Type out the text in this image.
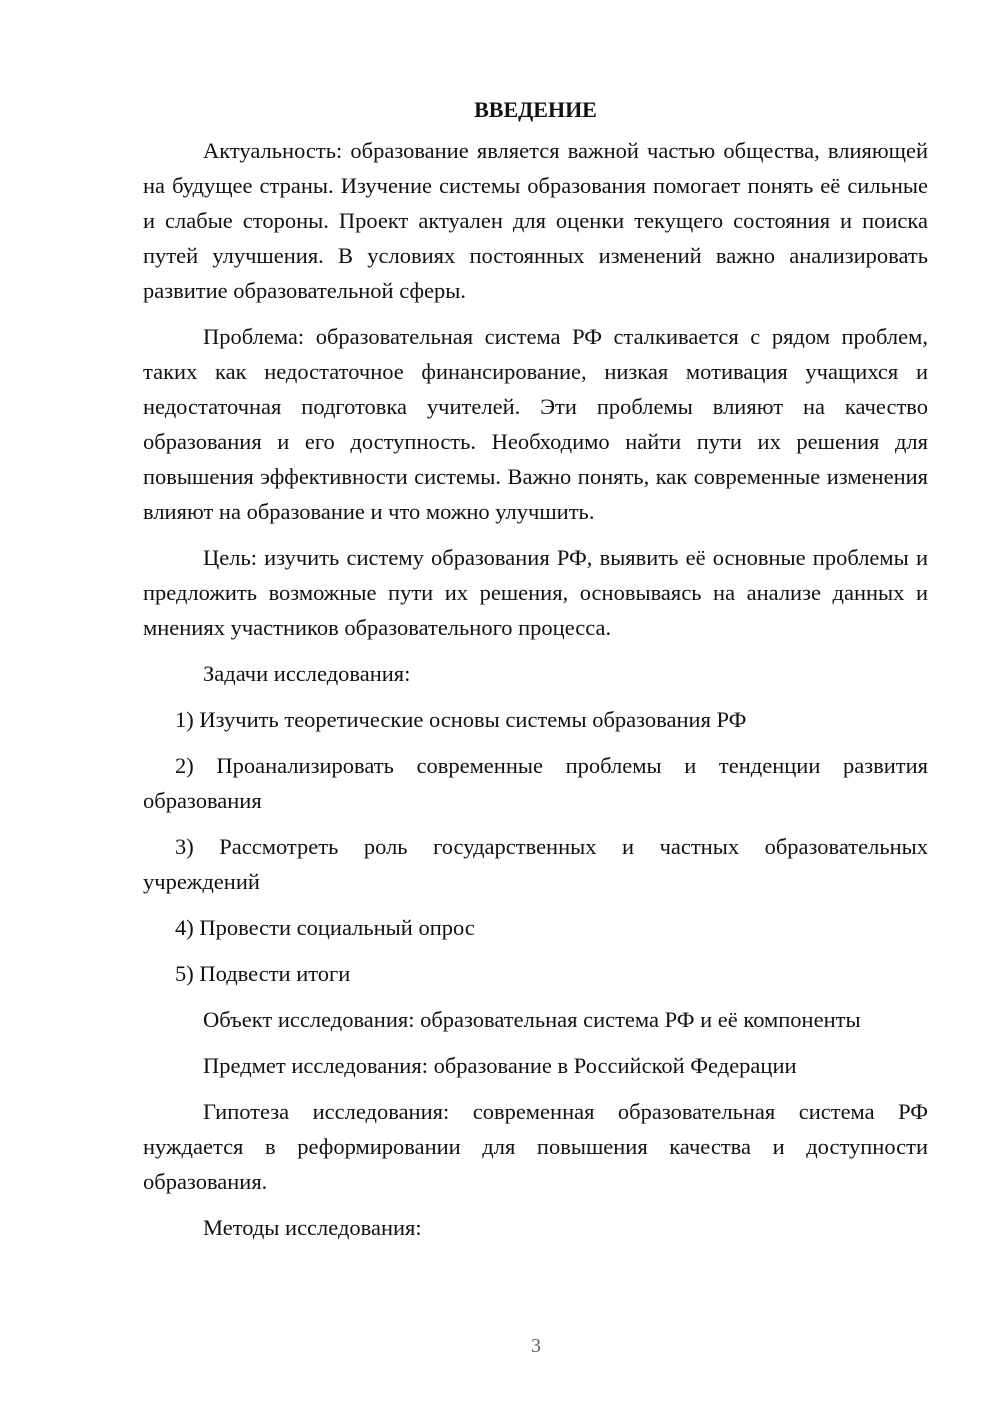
ВВЕДЕНИЕ

Актуальность: образование является важной частью общества, влияющей на будущее страны. Изучение системы образования помогает понять её сильные и слабые стороны. Проект актуален для оценки текущего состояния и поиска путей улучшения. В условиях постоянных изменений важно анализировать развитие образовательной сферы.

Проблема: образовательная система РФ сталкивается с рядом проблем, таких как недостаточное финансирование, низкая мотивация учащихся и недостаточная подготовка учителей. Эти проблемы влияют на качество образования и его доступность. Необходимо найти пути их решения для повышения эффективности системы. Важно понять, как современные изменения влияют на образование и что можно улучшить.

Цель: изучить систему образования РФ, выявить её основные проблемы и предложить возможные пути их решения, основываясь на анализе данных и мнениях участников образовательного процесса.

Задачи исследования:

1) Изучить теоретические основы системы образования РФ

2) Проанализировать современные проблемы и тенденции развития образования

3) Рассмотреть роль государственных и частных образовательных учреждений

4) Провести социальный опрос

5) Подвести итоги

Объект исследования: образовательная система РФ и её компоненты

Предмет исследования: образование в Российской Федерации

Гипотеза исследования: современная образовательная система РФ нуждается в реформировании для повышения качества и доступности образования.

Методы исследования:

3
